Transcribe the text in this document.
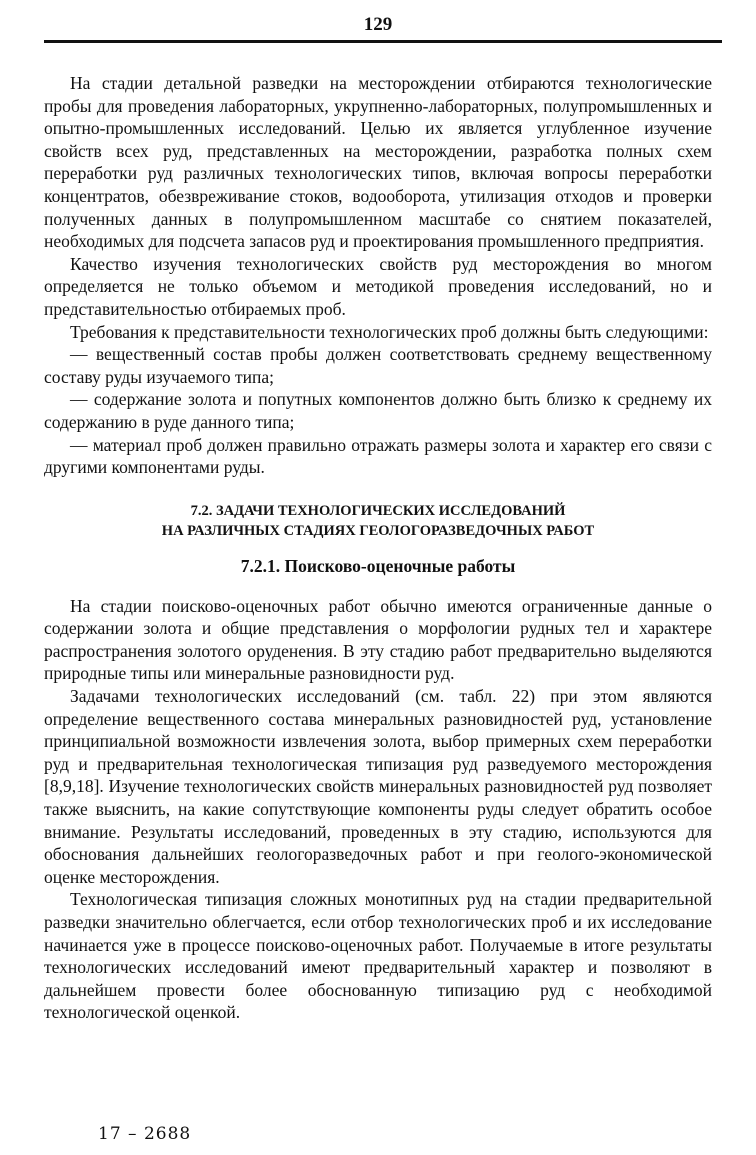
129

На стадии детальной разведки на месторождении отбираются технологические пробы для проведения лабораторных, укрупненно-лабораторных, полупромышленных и опытно-промышленных исследований. Целью их является углубленное изучение свойств всех руд, представленных на месторождении, разработка полных схем переработки руд различных технологических типов, включая вопросы переработки концентратов, обезвреживание стоков, водооборота, утилизация отходов и проверки полученных данных в полупромышленном масштабе со снятием показателей, необходимых для подсчета запасов руд и проектирования промышленного предприятия.

Качество изучения технологических свойств руд месторождения во многом определяется не только объемом и методикой проведения исследований, но и представительностью отбираемых проб.

Требования к представительности технологических проб должны быть следующими:

— вещественный состав пробы должен соответствовать среднему вещественному составу руды изучаемого типа;

— содержание золота и попутных компонентов должно быть близко к среднему их содержанию в руде данного типа;

— материал проб должен правильно отражать размеры золота и характер его связи с другими компонентами руды.

7.2. ЗАДАЧИ ТЕХНОЛОГИЧЕСКИХ ИССЛЕДОВАНИЙ
НА РАЗЛИЧНЫХ СТАДИЯХ ГЕОЛОГОРАЗВЕДОЧНЫХ РАБОТ
7.2.1. Поисково-оценочные работы

На стадии поисково-оценочных работ обычно имеются ограниченные данные о содержании золота и общие представления о морфологии рудных тел и характере распространения золотого оруденения. В эту стадию работ предварительно выделяются природные типы или минеральные разновидности руд.

Задачами технологических исследований (см. табл. 22) при этом являются определение вещественного состава минеральных разновидностей руд, установление принципиальной возможности извлечения золота, выбор примерных схем переработки руд и предварительная технологическая типизация руд разведуемого месторождения [8,9,18]. Изучение технологических свойств минеральных разновидностей руд позволяет также выяснить, на какие сопутствующие компоненты руды следует обратить особое внимание. Результаты исследований, проведенных в эту стадию, используются для обоснования дальнейших геологоразведочных работ и при геолого-экономической оценке месторождения.

Технологическая типизация сложных монотипных руд на стадии предварительной разведки значительно облегчается, если отбор технологических проб и их исследование начинается уже в процессе поисково-оценочных работ. Получаемые в итоге результаты технологических исследований имеют предварительный характер и позволяют в дальнейшем провести более обоснованную типизацию руд с необходимой технологической оценкой.

17 – 2688
